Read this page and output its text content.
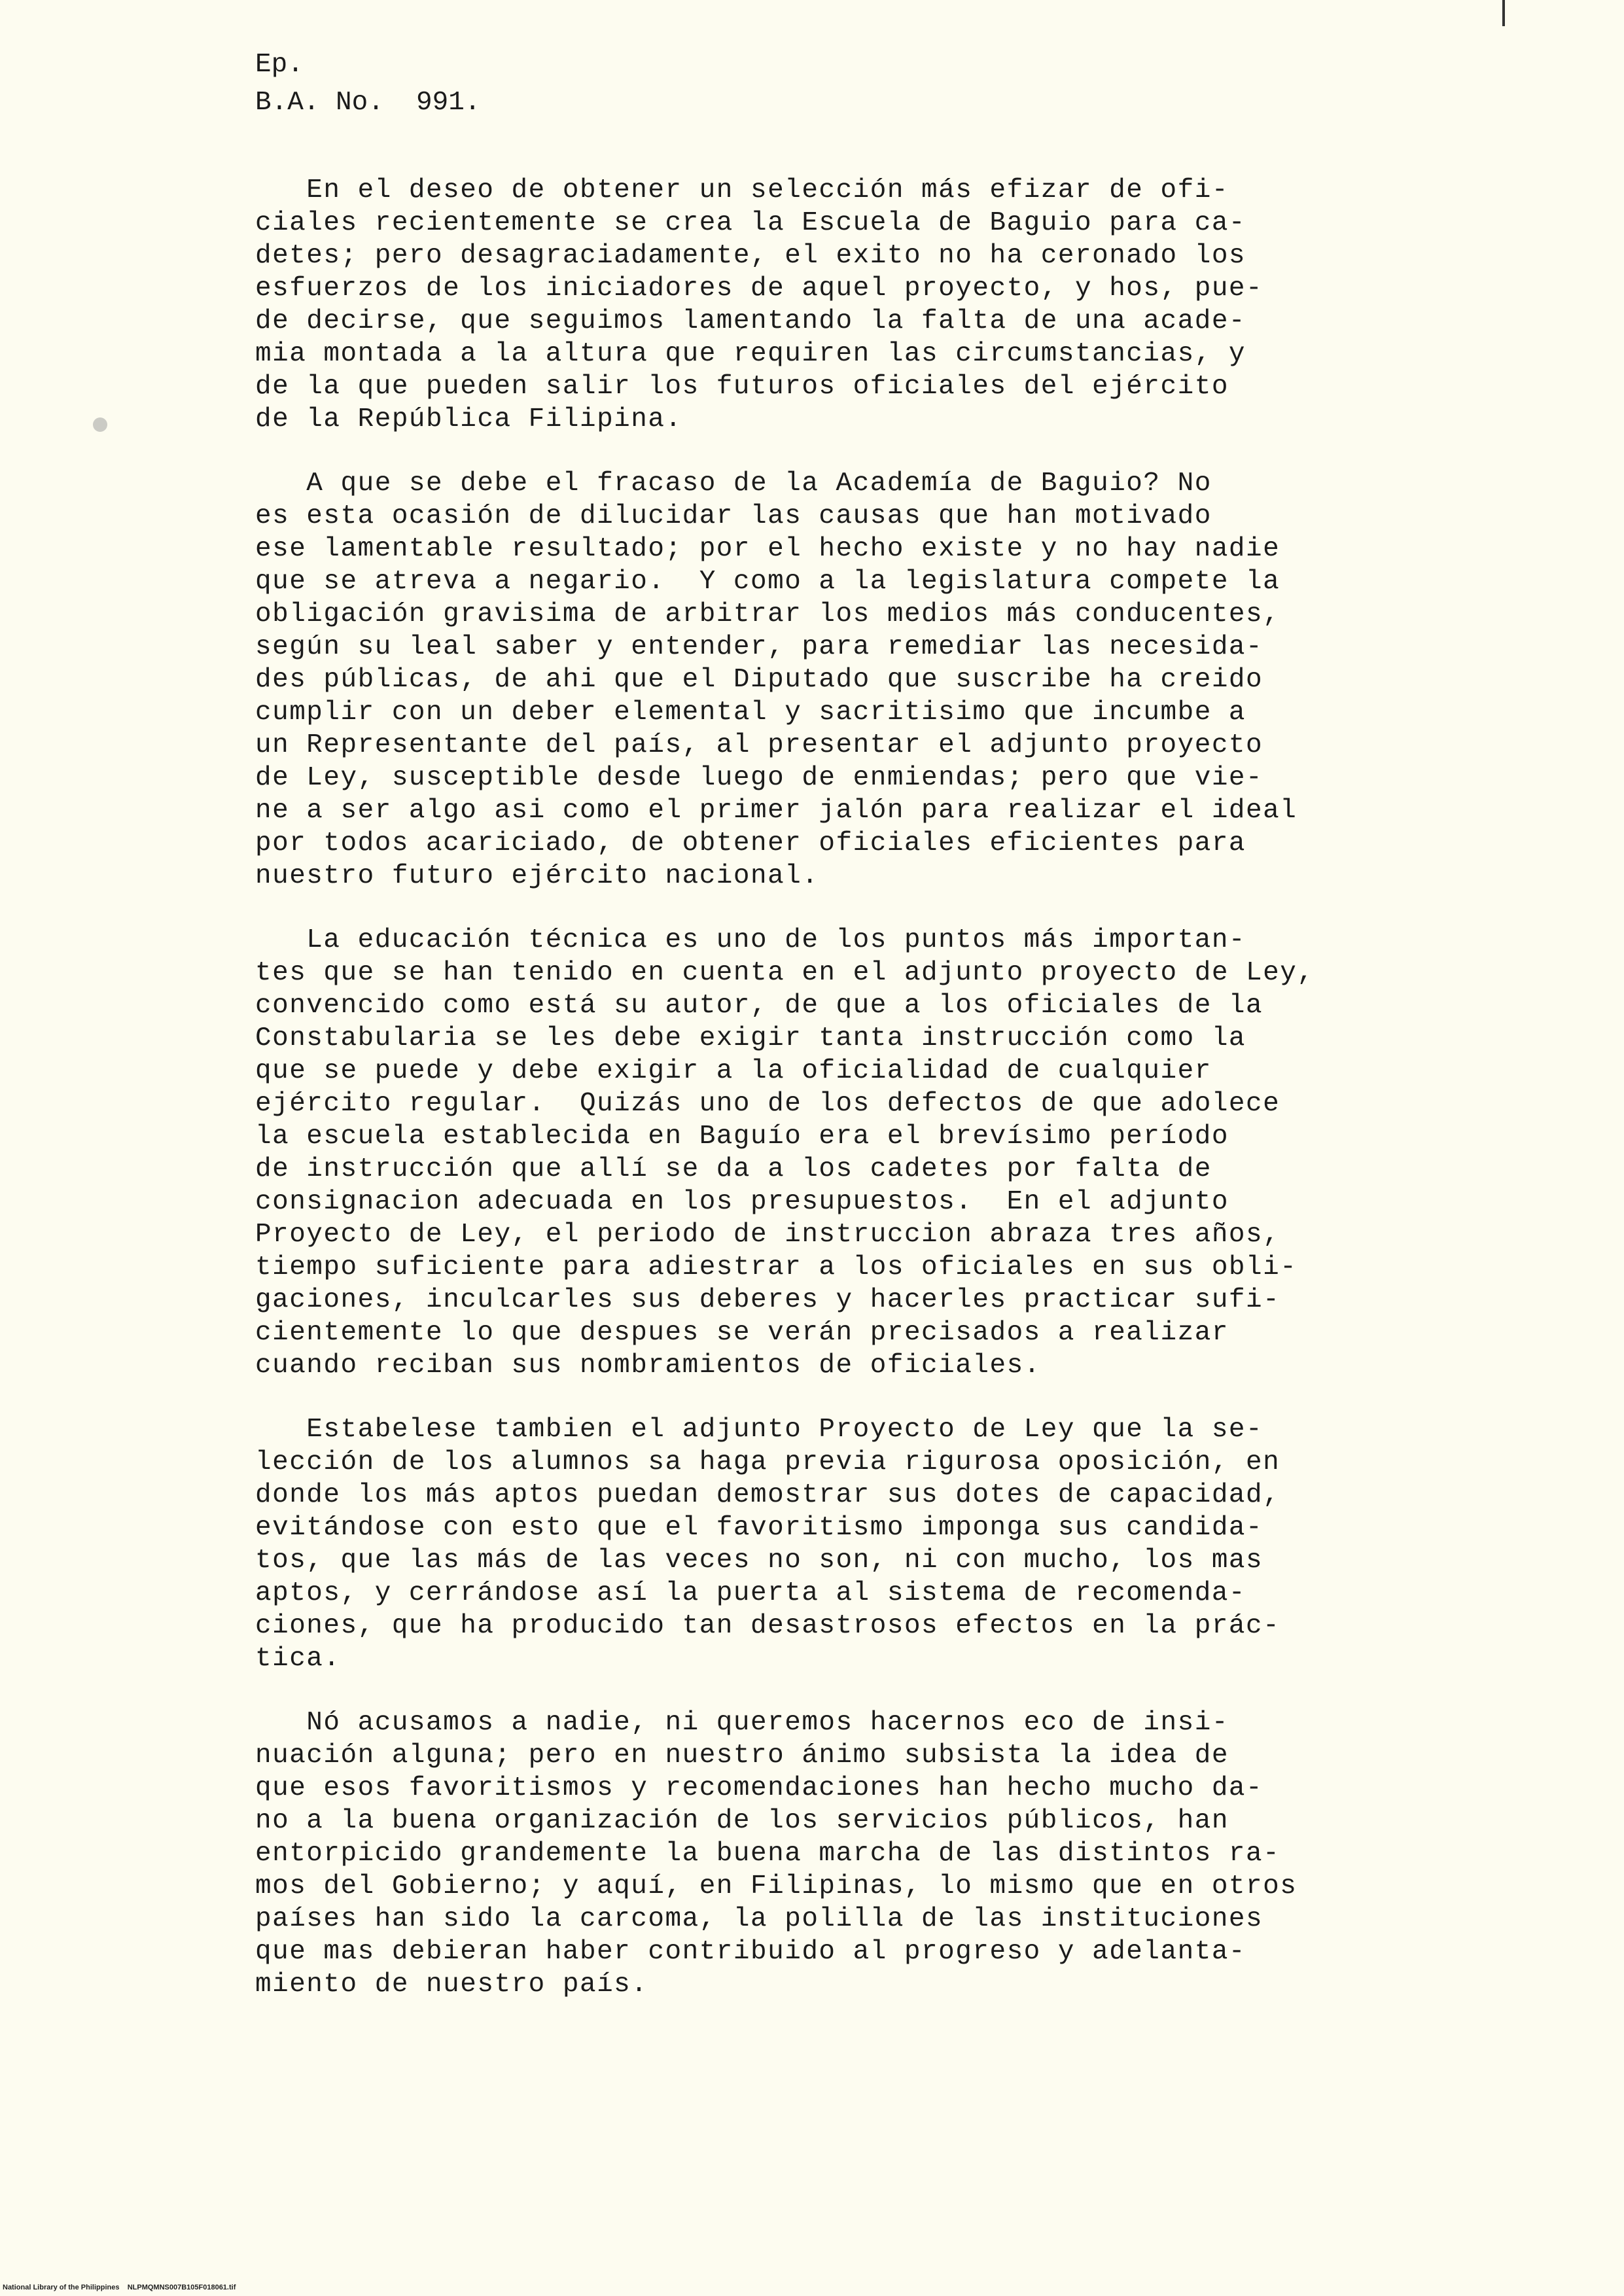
Ep.
B.A. No.  991.
En el deseo de obtener un selección más efizar de ofi-
ciales recientemente se crea la Escuela de Baguio para ca-
detes; pero desagraciadamente, el exito no ha ceronado los
esfuerzos de los iniciadores de aquel proyecto, y hos, pue-
de decirse, que seguimos lamentando la falta de una acade-
mia montada a la altura que requiren las circumstancias, y
de la que pueden salir los futuros oficiales del ejército
de la República Filipina.
A que se debe el fracaso de la Academía de Baguio? No
es esta ocasión de dilucidar las causas que han motivado
ese lamentable resultado; por el hecho existe y no hay nadie
que se atreva a negario.  Y como a la legislatura compete la
obligación gravisima de arbitrar los medios más conducentes,
según su leal saber y entender, para remediar las necesida-
des públicas, de ahi que el Diputado que suscribe ha creido
cumplir con un deber elemental y sacritisimo que incumbe a
un Representante del país, al presentar el adjunto proyecto
de Ley, susceptible desde luego de enmiendas; pero que vie-
ne a ser algo asi como el primer jalón para realizar el ideal
por todos acariciado, de obtener oficiales eficientes para
nuestro futuro ejército nacional.
La educación técnica es uno de los puntos más importan-
tes que se han tenido en cuenta en el adjunto proyecto de Ley,
convencido como está su autor, de que a los oficiales de la
Constabularia se les debe exigir tanta instrucción como la
que se puede y debe exigir a la oficialidad de cualquier
ejército regular.  Quizás uno de los defectos de que adolece
la escuela establecida en Baguío era el brevísimo período
de instrucción que allí se da a los cadetes por falta de
consignacion adecuada en los presupuestos.  En el adjunto
Proyecto de Ley, el periodo de instruccion abraza tres años,
tiempo suficiente para adiestrar a los oficiales en sus obli-
gaciones, inculcarles sus deberes y hacerles practicar sufi-
cientemente lo que despues se verán precisados a realizar
cuando reciban sus nombramientos de oficiales.
Estabelese tambien el adjunto Proyecto de Ley que la se-
lección de los alumnos sa haga previa rigurosa oposición, en
donde los más aptos puedan demostrar sus dotes de capacidad,
evitándose con esto que el favoritismo imponga sus candida-
tos, que las más de las veces no son, ni con mucho, los mas
aptos, y cerrándose así la puerta al sistema de recomenda-
ciones, que ha producido tan desastrosos efectos en la prác-
tica.
Nó acusamos a nadie, ni queremos hacernos eco de insi-
nuación alguna; pero en nuestro ánimo subsista la idea de
que esos favoritismos y recomendaciones han hecho mucho da-
no a la buena organización de los servicios públicos, han
entorpicido grandemente la buena marcha de las distintos ra-
mos del Gobierno; y aquí, en Filipinas, lo mismo que en otros
países han sido la carcoma, la polilla de las instituciones
que mas debieran haber contribuido al progreso y adelanta-
miento de nuestro país.
National Library of the Philippines    NLPMQMNS007B105F018061.tif
